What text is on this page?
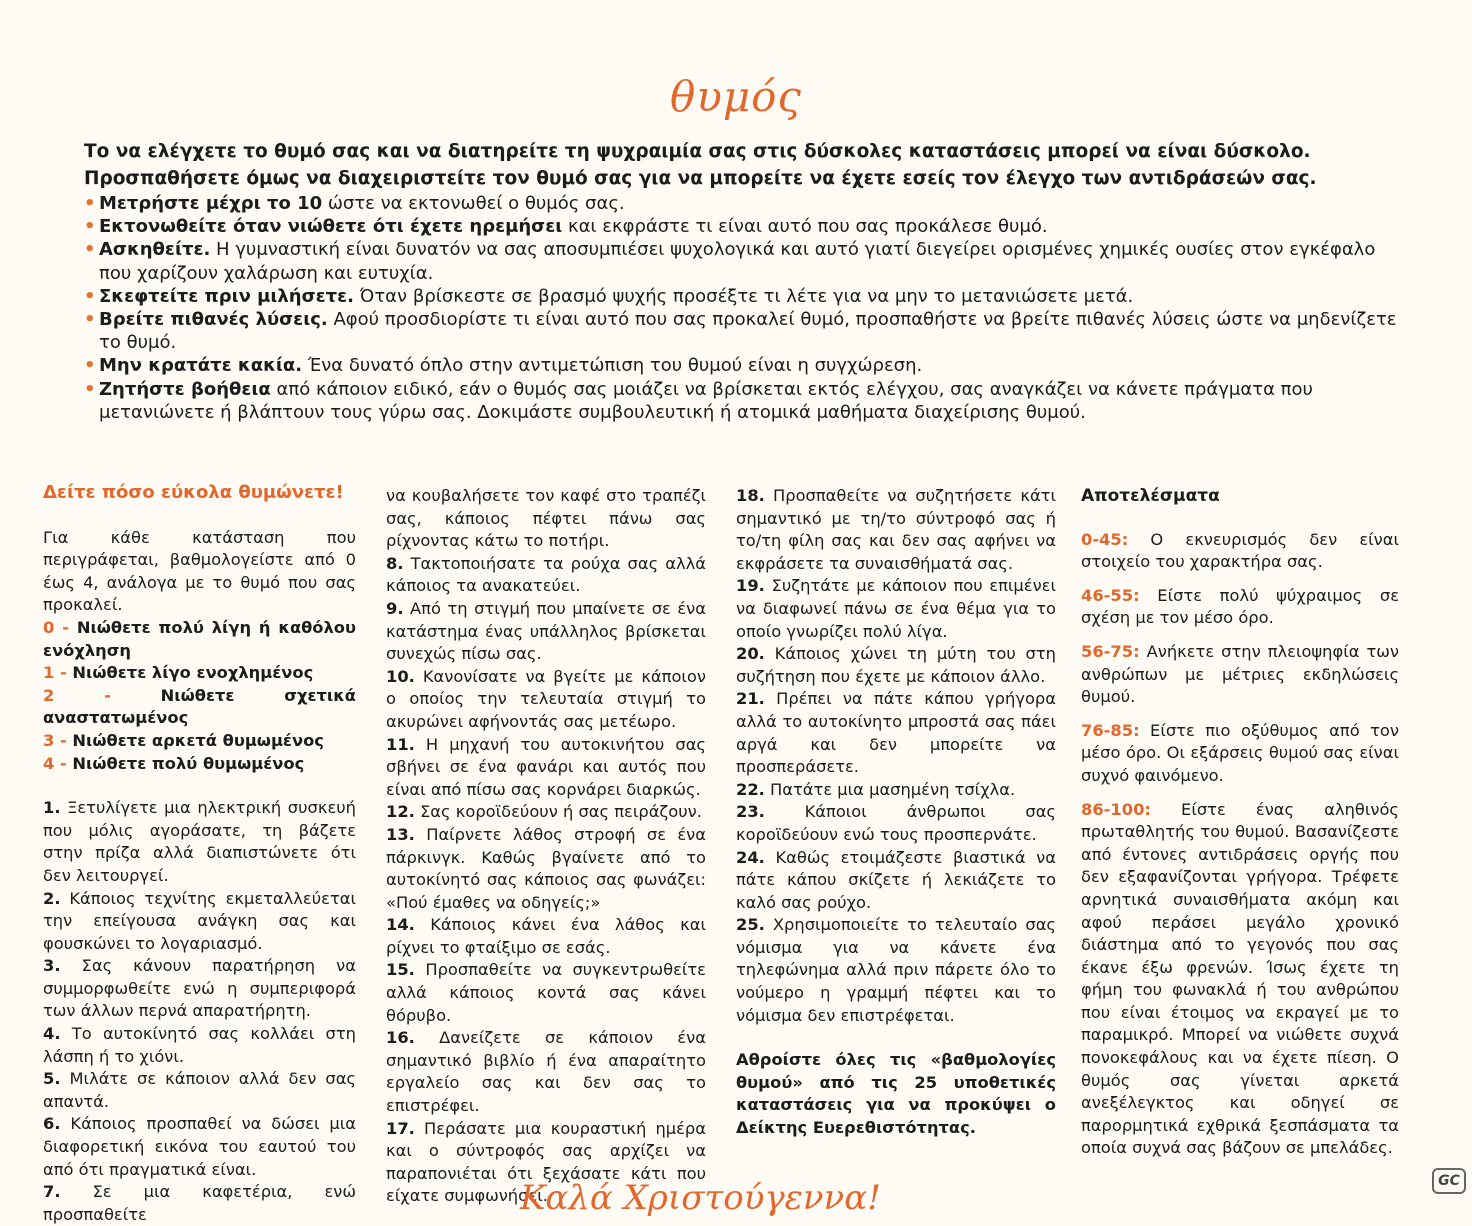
θυμός
Το να ελέγχετε το θυμό σας και να διατηρείτε τη ψυχραιμία σας στις δύσκολες καταστάσεις μπορεί να είναι δύσκολο.
Προσπαθήσετε όμως να διαχειριστείτε τον θυμό σας για να μπορείτε να έχετε εσείς τον έλεγχο των αντιδράσεών σας.
• Μετρήστε μέχρι το 10 ώστε να εκτονωθεί ο θυμός σας.
• Εκτονωθείτε όταν νιώθετε ότι έχετε ηρεμήσει και εκφράστε τι είναι αυτό που σας προκάλεσε θυμό.
• Ασκηθείτε. Η γυμναστική είναι δυνατόν να σας αποσυμπιέσει ψυχολογικά και αυτό γιατί διεγείρει ορισμένες χημικές ουσίες στον εγκέφαλο που χαρίζουν χαλάρωση και ευτυχία.
• Σκεφτείτε πριν μιλήσετε. Όταν βρίσκεστε σε βρασμό ψυχής προσέξτε τι λέτε για να μην το μετανιώσετε μετά.
• Βρείτε πιθανές λύσεις. Αφού προσδιορίστε τι είναι αυτό που σας προκαλεί θυμό, προσπαθήστε να βρείτε πιθανές λύσεις ώστε να μηδενίζετε το θυμό.
• Μην κρατάτε κακία. Ένα δυνατό όπλο στην αντιμετώπιση του θυμού είναι η συγχώρεση.
• Ζητήστε βοήθεια από κάποιον ειδικό, εάν ο θυμός σας μοιάζει να βρίσκεται εκτός ελέγχου, σας αναγκάζει να κάνετε πράγματα που μετανιώνετε ή βλάπτουν τους γύρω σας. Δοκιμάστε συμβουλευτική ή ατομικά μαθήματα διαχείρισης θυμού.

Δείτε πόσο εύκολα θυμώνετε!

Για κάθε κατάσταση που περιγράφεται, βαθμολογείστε από 0 έως 4, ανάλογα με το θυμό που σας προκαλεί.

0 - Νιώθετε πολύ λίγη ή καθόλου ενόχληση

1 - Νιώθετε λίγο ενοχλημένος

2 - Νιώθετε σχετικά αναστατωμένος

3 - Νιώθετε αρκετά θυμωμένος

4 - Νιώθετε πολύ θυμωμένος

1. Ξετυλίγετε μια ηλεκτρική συσκευή που μόλις αγοράσατε, τη βάζετε στην πρίζα αλλά διαπιστώνετε ότι δεν λειτουργεί.

2. Κάποιος τεχνίτης εκμεταλλεύεται την επείγουσα ανάγκη σας και φουσκώνει το λογαριασμό.

3. Σας κάνουν παρατήρηση να συμμορφωθείτε ενώ η συμπεριφορά των άλλων περνά απαρατήρητη.

4. Το αυτοκίνητό σας κολλάει στη λάσπη ή το χιόνι.

5. Μιλάτε σε κάποιον αλλά δεν σας απαντά.

6. Κάποιος προσπαθεί να δώσει μια διαφορετική εικόνα του εαυτού του από ότι πραγματικά είναι.

7. Σε μια καφετέρια, ενώ προσπαθείτε

να κουβαλήσετε τον καφέ στο τραπέζι σας, κάποιος πέφτει πάνω σας ρίχνοντας κάτω το ποτήρι.

8. Τακτοποιήσατε τα ρούχα σας αλλά κάποιος τα ανακατεύει.

9. Από τη στιγμή που μπαίνετε σε ένα κατάστημα ένας υπάλληλος βρίσκεται συνεχώς πίσω σας.

10. Κανονίσατε να βγείτε με κάποιον ο οποίος την τελευταία στιγμή το ακυρώνει αφήνοντάς σας μετέωρο.

11. Η μηχανή του αυτοκινήτου σας σβήνει σε ένα φανάρι και αυτός που είναι από πίσω σας κορνάρει διαρκώς.

12. Σας κοροϊδεύουν ή σας πειράζουν.

13. Παίρνετε λάθος στροφή σε ένα πάρκινγκ. Καθώς βγαίνετε από το αυτοκίνητό σας κάποιος σας φωνάζει: «Πού έμαθες να οδηγείς;»

14. Κάποιος κάνει ένα λάθος και ρίχνει το φταίξιμο σε εσάς.

15. Προσπαθείτε να συγκεντρωθείτε αλλά κάποιος κοντά σας κάνει θόρυβο.

16. Δανείζετε σε κάποιον ένα σημαντικό βιβλίο ή ένα απαραίτητο εργαλείο σας και δεν σας το επιστρέφει.

17. Περάσατε μια κουραστική ημέρα και ο σύντροφός σας αρχίζει να παραπονιέται ότι ξεχάσατε κάτι που είχατε συμφωνήσει.

18. Προσπαθείτε να συζητήσετε κάτι σημαντικό με τη/το σύντροφό σας ή το/τη φίλη σας και δεν σας αφήνει να εκφράσετε τα συναισθήματά σας.

19. Συζητάτε με κάποιον που επιμένει να διαφωνεί πάνω σε ένα θέμα για το οποίο γνωρίζει πολύ λίγα.

20. Κάποιος χώνει τη μύτη του στη συζήτηση που έχετε με κάποιον άλλο.

21. Πρέπει να πάτε κάπου γρήγορα αλλά το αυτοκίνητο μπροστά σας πάει αργά και δεν μπορείτε να προσπεράσετε.

22. Πατάτε μια μασημένη τσίχλα.

23. Κάποιοι άνθρωποι σας κοροϊδεύουν ενώ τους προσπερνάτε.

24. Καθώς ετοιμάζεστε βιαστικά να πάτε κάπου σκίζετε ή λεκιάζετε το καλό σας ρούχο.

25. Χρησιμοποιείτε το τελευταίο σας νόμισμα για να κάνετε ένα τηλεφώνημα αλλά πριν πάρετε όλο το νούμερο η γραμμή πέφτει και το νόμισμα δεν επιστρέφεται.

Αθροίστε όλες τις «βαθμολογίες θυμού» από τις 25 υποθετικές καταστάσεις για να προκύψει ο Δείκτης Ευερεθιστότητας.

Αποτελέσματα

0-45: Ο εκνευρισμός δεν είναι στοιχείο του χαρακτήρα σας.

46-55: Είστε πολύ ψύχραιμος σε σχέση με τον μέσο όρο.

56-75: Ανήκετε στην πλειοψηφία των ανθρώπων με μέτριες εκδηλώσεις θυμού.

76-85: Είστε πιο οξύθυμος από τον μέσο όρο. Οι εξάρσεις θυμού σας είναι συχνό φαινόμενο.

86-100: Είστε ένας αληθινός πρωταθλητής του θυμού. Βασανίζεστε από έντονες αντιδράσεις οργής που δεν εξαφανίζονται γρήγορα. Τρέφετε αρνητικά συναισθήματα ακόμη και αφού περάσει μεγάλο χρονικό διάστημα από το γεγονός που σας έκανε έξω φρενών. Ίσως έχετε τη φήμη του φωνακλά ή του ανθρώπου που είναι έτοιμος να εκραγεί με το παραμικρό. Μπορεί να νιώθετε συχνά πονοκεφάλους και να έχετε πίεση. Ο θυμός σας γίνεται αρκετά ανεξέλεγκτος και οδηγεί σε παρορμητικά εχθρικά ξεσπάσματα τα οποία συχνά σας βάζουν σε μπελάδες.

Καλά Χριστούγεννα!	GC
